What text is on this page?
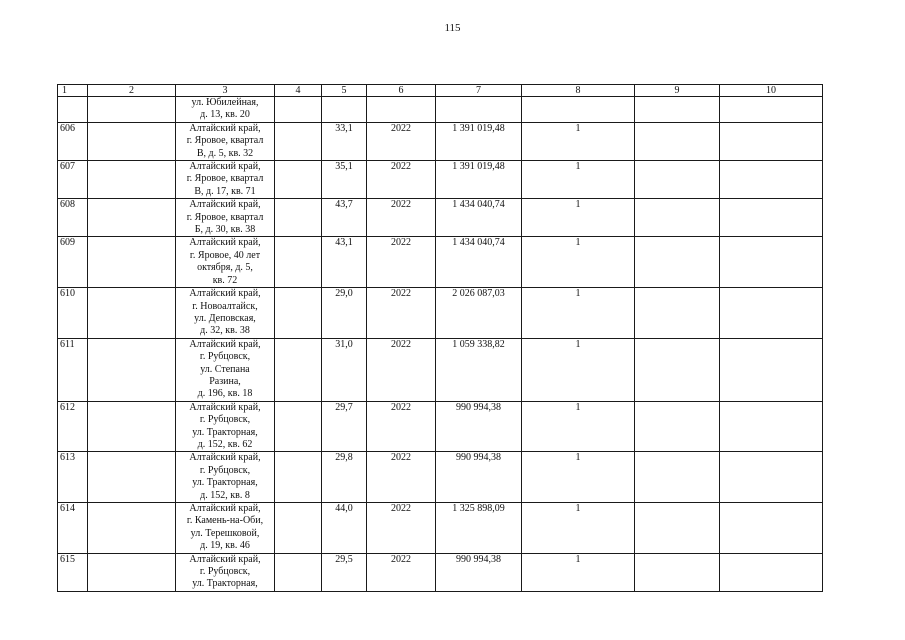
115
1	2	3	4	5	6	7	8	9	10
		ул. Юбилейная,
д. 13, кв. 20							
606		Алтайский край,
г. Яровое, квартал
В, д. 5, кв. 32		33,1	2022	1 391 019,48	1		
607		Алтайский край,
г. Яровое, квартал
В, д. 17, кв. 71		35,1	2022	1 391 019,48	1		
608		Алтайский край,
г. Яровое, квартал
Б, д. 30, кв. 38		43,7	2022	1 434 040,74	1		
609		Алтайский край,
г. Яровое, 40 лет
октября, д. 5,
кв. 72		43,1	2022	1 434 040,74	1		
610		Алтайский край,
г. Новоалтайск,
ул. Деповская,
д. 32, кв. 38		29,0	2022	2 026 087,03	1		
611		Алтайский край,
г. Рубцовск,
ул. Степана
Разина,
д. 196, кв. 18		31,0	2022	1 059 338,82	1		
612		Алтайский край,
г. Рубцовск,
ул. Тракторная,
д. 152, кв. 62		29,7	2022	990 994,38	1		
613		Алтайский край,
г. Рубцовск,
ул. Тракторная,
д. 152, кв. 8		29,8	2022	990 994,38	1		
614		Алтайский край,
г. Камень-на-Оби,
ул. Терешковой,
д. 19, кв. 46		44,0	2022	1 325 898,09	1		
615		Алтайский край,
г. Рубцовск,
ул. Тракторная,		29,5	2022	990 994,38	1		
